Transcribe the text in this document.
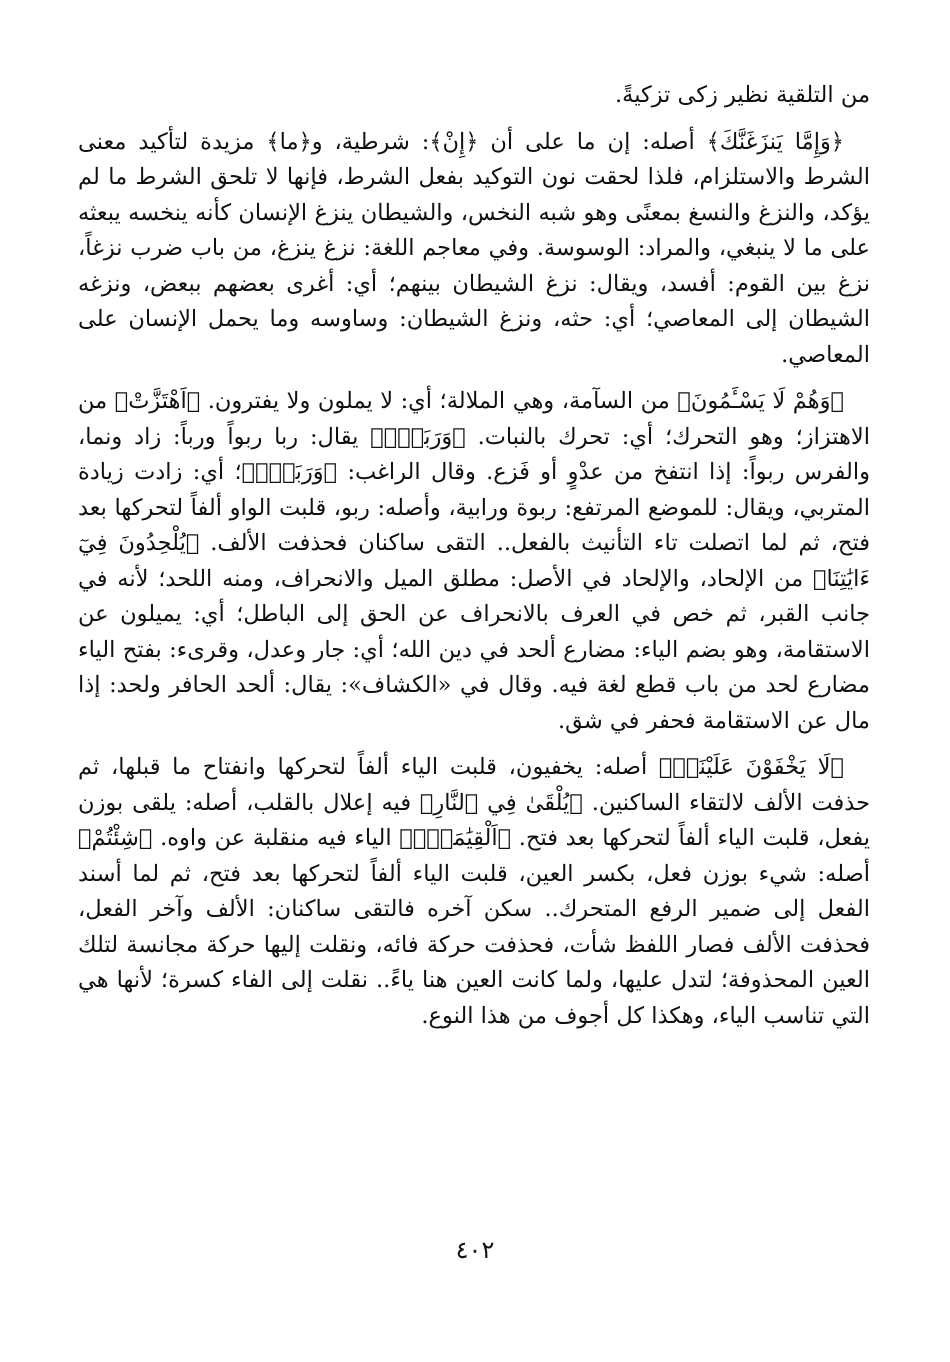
من التلقية نظير زكى تزكيةً.

﴿وَإِمَّا يَنزَغَنَّكَ﴾ أصله: إن ما على أن ﴿إِنْ﴾: شرطية، و﴿ما﴾ مزيدة لتأكيد معنى الشرط والاستلزام، فلذا لحقت نون التوكيد بفعل الشرط، فإنها لا تلحق الشرط ما لم يؤكد، والنزغ والنسغ بمعنًى وهو شبه النخس، والشيطان ينزغ الإنسان كأنه ينخسه يبعثه على ما لا ينبغي، والمراد: الوسوسة. وفي معاجم اللغة: نزغ ينزغ، من باب ضرب نزغاً، نزغ بين القوم: أفسد، ويقال: نزغ الشيطان بينهم؛ أي: أغرى بعضهم ببعض، ونزغه الشيطان إلى المعاصي؛ أي: حثه، ونزغ الشيطان: وساوسه وما يحمل الإنسان على المعاصي.

﴿وَهُمْ لَا يَسْـَٔمُونَ﴾ من السآمة، وهي الملالة؛ أي: لا يملون ولا يفترون. ﴿اَهْتَزَّتْ﴾ من الاهتزاز؛ وهو التحرك؛ أي: تحرك بالنبات. ﴿وَرَبَتْۚ﴾ يقال: ربا ربواً ورباً: زاد ونما، والفرس ربواً: إذا انتفخ من عدْوٍ أو فَزع. وقال الراغب: ﴿وَرَبَتْۚ﴾؛ أي: زادت زيادة المتربي، ويقال: للموضع المرتفع: ربوة ورابية، وأصله: ربو، قلبت الواو ألفاً لتحركها بعد فتح، ثم لما اتصلت تاء التأنيث بالفعل.. التقى ساكنان فحذفت الألف. ﴿يُلْحِدُونَ فِيٓ ءَايَٰتِنَا﴾ من الإلحاد، والإلحاد في الأصل: مطلق الميل والانحراف، ومنه اللحد؛ لأنه في جانب القبر، ثم خص في العرف بالانحراف عن الحق إلى الباطل؛ أي: يميلون عن الاستقامة، وهو بضم الياء: مضارع ألحد في دين الله؛ أي: جار وعدل، وقرىء: بفتح الياء مضارع لحد من باب قطع لغة فيه. وقال في «الكشاف»: يقال: ألحد الحافر ولحد: إذا مال عن الاستقامة فحفر في شق.

﴿لَا يَخْفَوْنَ عَلَيْنَآۗ﴾ أصله: يخفيون، قلبت الياء ألفاً لتحركها وانفتاح ما قبلها، ثم حذفت الألف لالتقاء الساكنين. ﴿يُلْقَىٰ فِي ٱلنَّارِ﴾ فيه إعلال بالقلب، أصله: يلقى بوزن يفعل، قلبت الياء ألفاً لتحركها بعد فتح. ﴿اَلْقِيَٰمَةِۚ﴾ الياء فيه منقلبة عن واوه. ﴿شِئْتُمْ﴾ أصله: شيء بوزن فعل، بكسر العين، قلبت الياء ألفاً لتحركها بعد فتح، ثم لما أسند الفعل إلى ضمير الرفع المتحرك.. سكن آخره فالتقى ساكنان: الألف وآخر الفعل، فحذفت الألف فصار اللفظ شأت، فحذفت حركة فائه، ونقلت إليها حركة مجانسة لتلك العين المحذوفة؛ لتدل عليها، ولما كانت العين هنا ياءً.. نقلت إلى الفاء كسرة؛ لأنها هي التي تناسب الياء، وهكذا كل أجوف من هذا النوع.

٤٠٢
